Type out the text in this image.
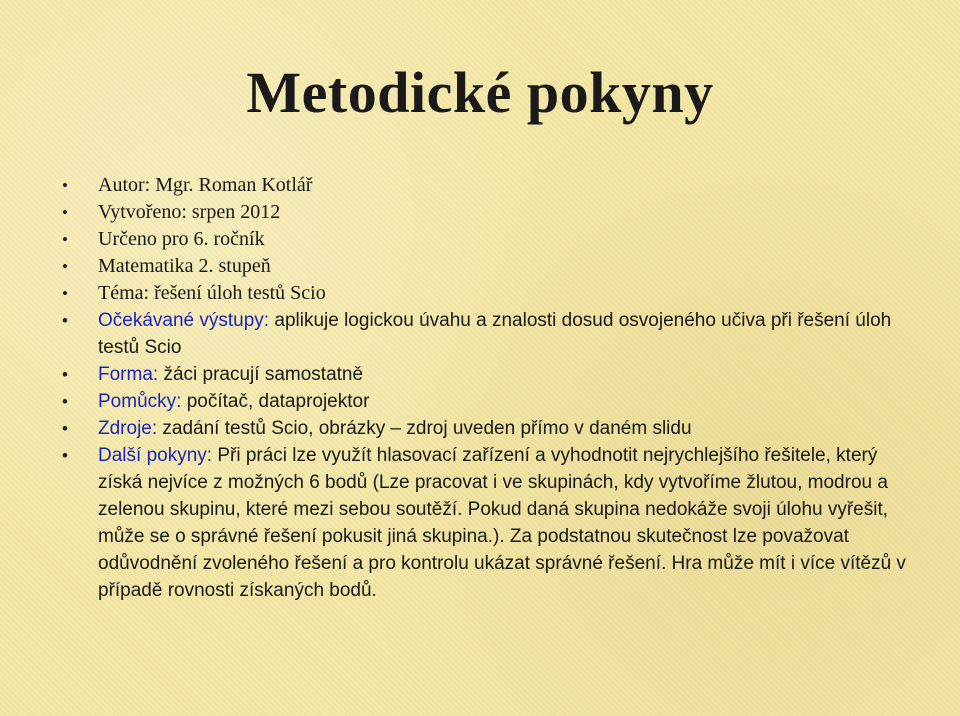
Metodické pokyny
• Autor: Mgr. Roman Kotlář
• Vytvořeno: srpen 2012
• Určeno pro 6. ročník
• Matematika 2. stupeň
• Téma: řešení úloh testů Scio
• Očekávané výstupy: aplikuje logickou úvahu a znalosti dosud osvojeného učiva při řešení úloh testů Scio
• Forma: žáci pracují samostatně
• Pomůcky: počítač, dataprojektor
• Zdroje: zadání testů Scio, obrázky – zdroj uveden přímo v daném slidu
• Další pokyny: Při práci lze využít hlasovací zařízení a vyhodnotit nejrychlejšího řešitele, který získá nejvíce z možných 6 bodů (Lze pracovat i ve skupinách, kdy vytvoříme žlutou, modrou a zelenou skupinu, které mezi sebou soutěží. Pokud daná skupina nedokáže svoji úlohu vyřešit, může se o správné řešení pokusit jiná skupina.). Za podstatnou skutečnost lze považovat odůvodnění zvoleného řešení a pro kontrolu ukázat správné řešení. Hra může mít i více vítězů v případě rovnosti získaných bodů.
